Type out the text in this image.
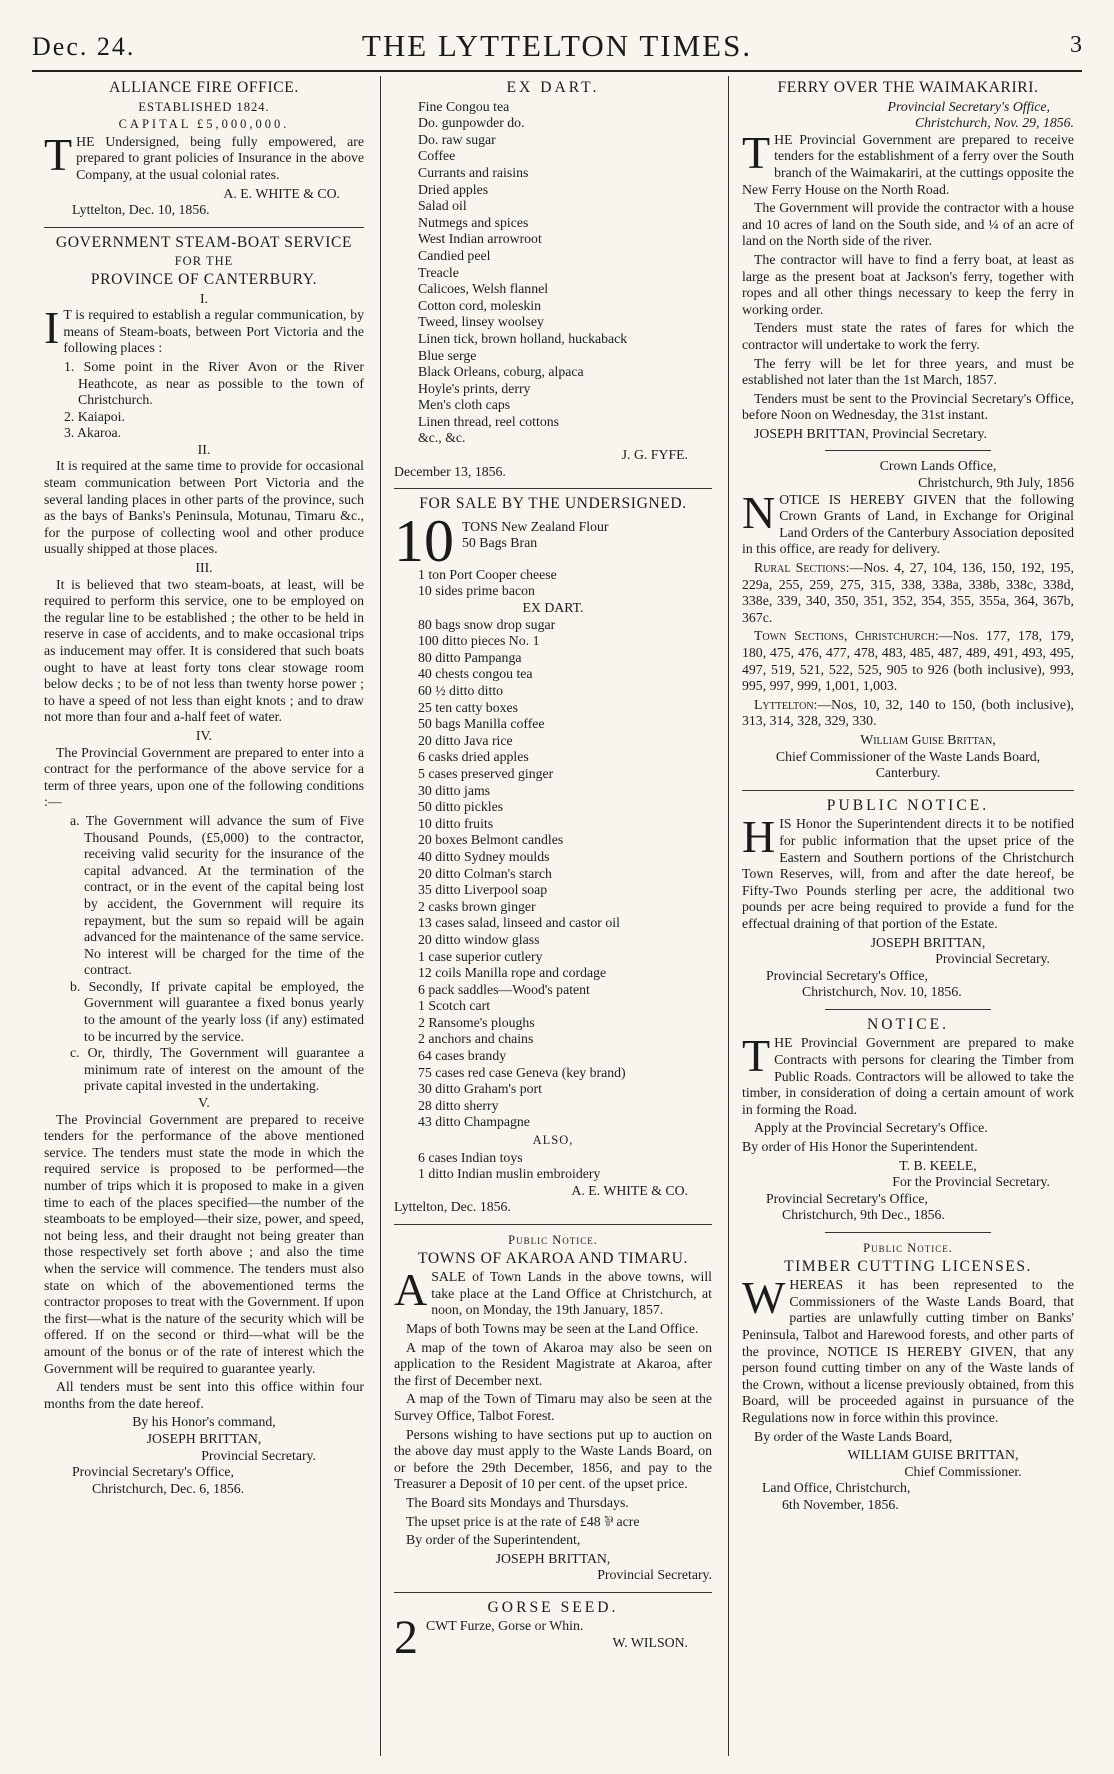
Dec. 24.	THE LYTTELTON TIMES.	3
ALLIANCE FIRE OFFICE.
ESTABLISHED 1824.
CAPITAL £5,000,000.

THE Undersigned, being fully empowered, are prepared to grant policies of Insurance in the above Company, at the usual colonial rates.

A. E. WHITE & CO.
Lyttelton, Dec. 10, 1856.
GOVERNMENT STEAM-BOAT SERVICE
FOR THE
PROVINCE OF CANTERBURY.
I.

I T is required to establish a regular communication, by means of Steam-boats, between Port Victoria and the following places :

1. Some point in the River Avon or the River Heathcote, as near as possible to the town of Christchurch.
2. Kaiapoi.
3. Akaroa.
II.

It is required at the same time to provide for occasional steam communication between Port Victoria and the several landing places in other parts of the province, such as the bays of Banks's Peninsula, Motunau, Timaru &c., for the purpose of collecting wool and other produce usually shipped at those places.

III.

It is believed that two steam-boats, at least, will be required to perform this service, one to be employed on the regular line to be established ; the other to be held in reserve in case of accidents, and to make occasional trips as inducement may offer. It is considered that such boats ought to have at least forty tons clear stowage room below decks ; to be of not less than twenty horse power ; to have a speed of not less than eight knots ; and to draw not more than four and a-half feet of water.

IV.

The Provincial Government are prepared to enter into a contract for the performance of the above service for a term of three years, upon one of the following conditions :—

a. The Government will advance the sum of Five Thousand Pounds, (£5,000) to the contractor, receiving valid security for the insurance of the capital advanced. At the termination of the contract, or in the event of the capital being lost by accident, the Government will require its repayment, but the sum so repaid will be again advanced for the maintenance of the same service. No interest will be charged for the time of the contract.
b. Secondly, If private capital be employed, the Government will guarantee a fixed bonus yearly to the amount of the yearly loss (if any) estimated to be incurred by the service.
c. Or, thirdly, The Government will guarantee a minimum rate of interest on the amount of the private capital invested in the undertaking.
V.

The Provincial Government are prepared to receive tenders for the performance of the above mentioned service. The tenders must state the mode in which the required service is proposed to be performed—the number of trips which it is proposed to make in a given time to each of the places specified—the number of the steamboats to be employed—their size, power, and speed, not being less, and their draught not being greater than those respectively set forth above ; and also the time when the service will commence. The tenders must also state on which of the abovementioned terms the contractor proposes to treat with the Government. If upon the first—what is the nature of the security which will be offered. If on the second or third—what will be the amount of the bonus or of the rate of interest which the Government will be required to guarantee yearly.

All tenders must be sent into this office within four months from the date hereof.

By his Honor's command,
JOSEPH BRITTAN,
Provincial Secretary.
Provincial Secretary's Office,
Christchurch, Dec. 6, 1856.
EX DART.
Fine Congou tea
Do. gunpowder do.
Do. raw sugar
Coffee
Currants and raisins
Dried apples
Salad oil
Nutmegs and spices
West Indian arrowroot
Candied peel
Treacle
Calicoes, Welsh flannel
Cotton cord, moleskin
Tweed, linsey woolsey
Linen tick, brown holland, huckaback
Blue serge
Black Orleans, coburg, alpaca
Hoyle's prints, derry
Men's cloth caps
Linen thread, reel cottons
&c., &c.
J. G. FYFE.
December 13, 1856.
FOR SALE BY THE UNDERSIGNED.
10 TONS New Zealand Flour
50 Bags Bran
1 ton Port Cooper cheese
10 sides prime bacon
EX DART.
80 bags snow drop sugar
100 ditto pieces No. 1
80 ditto Pampanga
40 chests congou tea
60 ½ ditto ditto
25 ten catty boxes
50 bags Manilla coffee
20 ditto Java rice
6 casks dried apples
5 cases preserved ginger
30 ditto jams
50 ditto pickles
10 ditto fruits
20 boxes Belmont candles
40 ditto Sydney moulds
20 ditto Colman's starch
35 ditto Liverpool soap
2 casks brown ginger
13 cases salad, linseed and castor oil
20 ditto window glass
1 case superior cutlery
12 coils Manilla rope and cordage
6 pack saddles—Wood's patent
1 Scotch cart
2 Ransome's ploughs
2 anchors and chains
64 cases brandy
75 cases red case Geneva (key brand)
30 ditto Graham's port
28 ditto sherry
43 ditto Champagne
ALSO,
6 cases Indian toys
1 ditto Indian muslin embroidery
A. E. WHITE & CO.
Lyttelton, Dec. 1856.
Public Notice.
TOWNS OF AKAROA AND TIMARU.

ASALE of Town Lands in the above towns, will take place at the Land Office at Christchurch, at noon, on Monday, the 19th January, 1857.

Maps of both Towns may be seen at the Land Office.

A map of the town of Akaroa may also be seen on application to the Resident Magistrate at Akaroa, after the first of December next.

A map of the Town of Timaru may also be seen at the Survey Office, Talbot Forest.

Persons wishing to have sections put up to auction on the above day must apply to the Waste Lands Board, on or before the 29th December, 1856, and pay to the Treasurer a Deposit of 10 per cent. of the upset price.

The Board sits Mondays and Thursdays.

The upset price is at the rate of £48 ⅌ acre

By order of the Superintendent,

JOSEPH BRITTAN,
Provincial Secretary.
GORSE SEED.
2 CWT Furze, Gorse or Whin.
W. WILSON.
FERRY OVER THE WAIMAKARIRI.
Provincial Secretary's Office,
Christchurch, Nov. 29, 1856.

THE Provincial Government are prepared to receive tenders for the establishment of a ferry over the South branch of the Waimakariri, at the cuttings opposite the New Ferry House on the North Road.

The Government will provide the contractor with a house and 10 acres of land on the South side, and ¼ of an acre of land on the North side of the river.

The contractor will have to find a ferry boat, at least as large as the present boat at Jackson's ferry, together with ropes and all other things necessary to keep the ferry in working order.

Tenders must state the rates of fares for which the contractor will undertake to work the ferry.

The ferry will be let for three years, and must be established not later than the 1st March, 1857.

Tenders must be sent to the Provincial Secretary's Office, before Noon on Wednesday, the 31st instant.

JOSEPH BRITTAN, Provincial Secretary.

Crown Lands Office,
Christchurch, 9th July, 1856

NOTICE IS HEREBY GIVEN that the following Crown Grants of Land, in Exchange for Original Land Orders of the Canterbury Association deposited in this office, are ready for delivery.

Rural Sections:—Nos. 4, 27, 104, 136, 150, 192, 195, 229a, 255, 259, 275, 315, 338, 338a, 338b, 338c, 338d, 338e, 339, 340, 350, 351, 352, 354, 355, 355a, 364, 367b, 367c.

Town Sections, Christchurch:—Nos. 177, 178, 179, 180, 475, 476, 477, 478, 483, 485, 487, 489, 491, 493, 495, 497, 519, 521, 522, 525, 905 to 926 (both inclusive), 993, 995, 997, 999, 1,001, 1,003.

Lyttelton:—Nos, 10, 32, 140 to 150, (both inclusive), 313, 314, 328, 329, 330.

William Guise Brittan,
Chief Commissioner of the Waste Lands Board, Canterbury.
PUBLIC NOTICE.

HIS Honor the Superintendent directs it to be notified for public information that the upset price of the Eastern and Southern portions of the Christchurch Town Reserves, will, from and after the date hereof, be Fifty-Two Pounds sterling per acre, the additional two pounds per acre being required to provide a fund for the effectual draining of that portion of the Estate.

JOSEPH BRITTAN,
Provincial Secretary.
Provincial Secretary's Office,
Christchurch, Nov. 10, 1856.
NOTICE.

THE Provincial Government are prepared to make Contracts with persons for clearing the Timber from Public Roads. Contractors will be allowed to take the timber, in consideration of doing a certain amount of work in forming the Road.

Apply at the Provincial Secretary's Office.

By order of His Honor the Superintendent.

T. B. KEELE,
For the Provincial Secretary.
Provincial Secretary's Office,
Christchurch, 9th Dec., 1856.
Public Notice.
TIMBER CUTTING LICENSES.

WHEREAS it has been represented to the Commissioners of the Waste Lands Board, that parties are unlawfully cutting timber on Banks' Peninsula, Talbot and Harewood forests, and other parts of the province, NOTICE IS HEREBY GIVEN, that any person found cutting timber on any of the Waste lands of the Crown, without a license previously obtained, from this Board, will be proceeded against in pursuance of the Regulations now in force within this province.

By order of the Waste Lands Board,

WILLIAM GUISE BRITTAN,
Chief Commissioner.
Land Office, Christchurch,
6th November, 1856.
